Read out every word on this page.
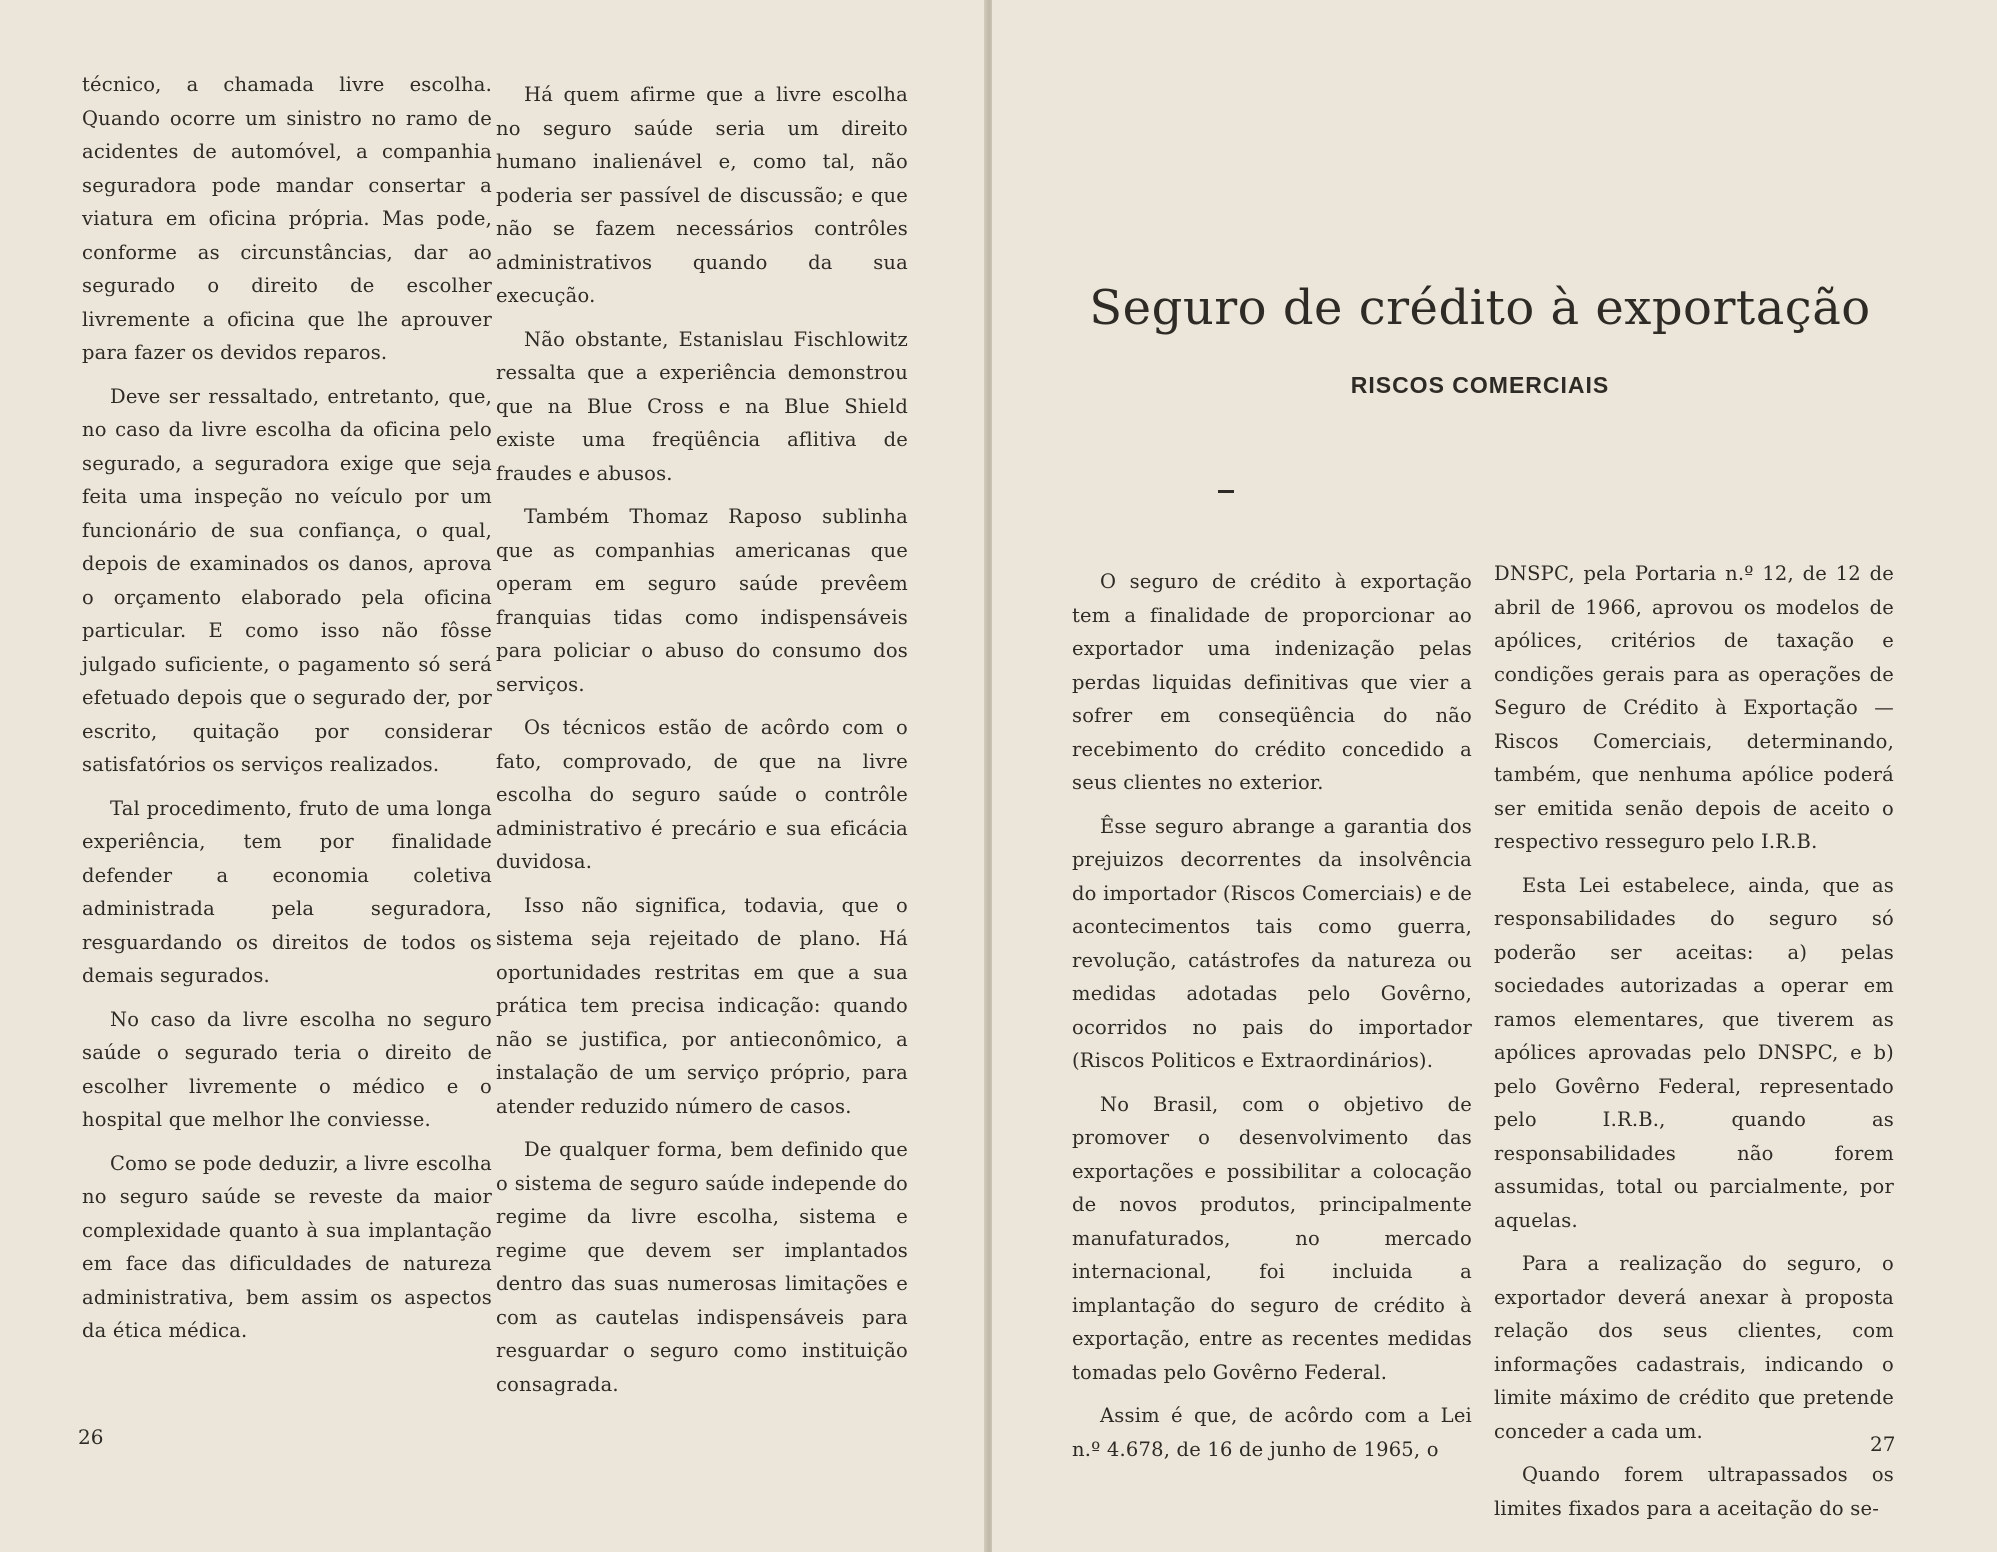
técnico, a chamada livre escolha. Quando ocorre um sinistro no ramo de acidentes de automóvel, a companhia seguradora pode mandar consertar a viatura em oficina própria. Mas pode, conforme as circunstâncias, dar ao segurado o direito de escolher livremente a oficina que lhe aprouver para fazer os devidos reparos.

Deve ser ressaltado, entretanto, que, no caso da livre escolha da oficina pelo segurado, a seguradora exige que seja feita uma inspeção no veículo por um funcionário de sua confiança, o qual, depois de examinados os danos, aprova o orçamento elaborado pela oficina particular. E como isso não fôsse julgado suficiente, o pagamento só será efetuado depois que o segurado der, por escrito, quitação por considerar satisfatórios os serviços realizados.

Tal procedimento, fruto de uma longa experiência, tem por finalidade defender a economia coletiva administrada pela seguradora, resguardando os direitos de todos os demais segurados.

No caso da livre escolha no seguro saúde o segurado teria o direito de escolher livremente o médico e o hospital que melhor lhe conviesse.

Como se pode deduzir, a livre escolha no seguro saúde se reveste da maior complexidade quanto à sua implantação em face das dificuldades de natureza administrativa, bem assim os aspectos da ética médica.

Há quem afirme que a livre escolha no seguro saúde seria um direito humano inalienável e, como tal, não poderia ser passível de discussão; e que não se fazem necessários contrôles administrativos quando da sua execução.

Não obstante, Estanislau Fischlowitz ressalta que a experiência demonstrou que na Blue Cross e na Blue Shield existe uma freqüência aflitiva de fraudes e abusos.

Também Thomaz Raposo sublinha que as companhias americanas que operam em seguro saúde prevêem franquias tidas como indispensáveis para policiar o abuso do consumo dos serviços.

Os técnicos estão de acôrdo com o fato, comprovado, de que na livre escolha do seguro saúde o contrôle administrativo é precário e sua eficácia duvidosa.

Isso não significa, todavia, que o sistema seja rejeitado de plano. Há oportunidades restritas em que a sua prática tem precisa indicação: quando não se justifica, por antieconômico, a instalação de um serviço próprio, para atender reduzido número de casos.

De qualquer forma, bem definido que o sistema de seguro saúde independe do regime da livre escolha, sistema e regime que devem ser implantados dentro das suas numerosas limitações e com as cautelas indispensáveis para resguardar o seguro como instituição consagrada.

26
Seguro de crédito à exportação
RISCOS COMERCIAIS

O seguro de crédito à exportação tem a finalidade de proporcionar ao exportador uma indenização pelas perdas liquidas definitivas que vier a sofrer em conseqüência do não recebimento do crédito concedido a seus clientes no exterior.

Êsse seguro abrange a garantia dos prejuizos decorrentes da insolvência do importador (Riscos Comerciais) e de acontecimentos tais como guerra, revolução, catástrofes da natureza ou medidas adotadas pelo Govêrno, ocorridos no pais do importador (Riscos Politicos e Extraordinários).

No Brasil, com o objetivo de promover o desenvolvimento das exportações e possibilitar a colocação de novos produtos, principalmente manufaturados, no mercado internacional, foi incluida a implantação do seguro de crédito à exportação, entre as recentes medidas tomadas pelo Govêrno Federal.

Assim é que, de acôrdo com a Lei n.º 4.678, de 16 de junho de 1965, o

DNSPC, pela Portaria n.º 12, de 12 de abril de 1966, aprovou os modelos de apólices, critérios de taxação e condições gerais para as operações de Seguro de Crédito à Exportação — Riscos Comerciais, determinando, também, que nenhuma apólice poderá ser emitida senão depois de aceito o respectivo resseguro pelo I.R.B.

Esta Lei estabelece, ainda, que as responsabilidades do seguro só poderão ser aceitas: a) pelas sociedades autorizadas a operar em ramos elementares, que tiverem as apólices aprovadas pelo DNSPC, e b) pelo Govêrno Federal, representado pelo I.R.B., quando as responsabilidades não forem assumidas, total ou parcialmente, por aquelas.

Para a realização do seguro, o exportador deverá anexar à proposta relação dos seus clientes, com informações cadastrais, indicando o limite máximo de crédito que pretende conceder a cada um.

Quando forem ultrapassados os limites fixados para a aceitação do se-

27
